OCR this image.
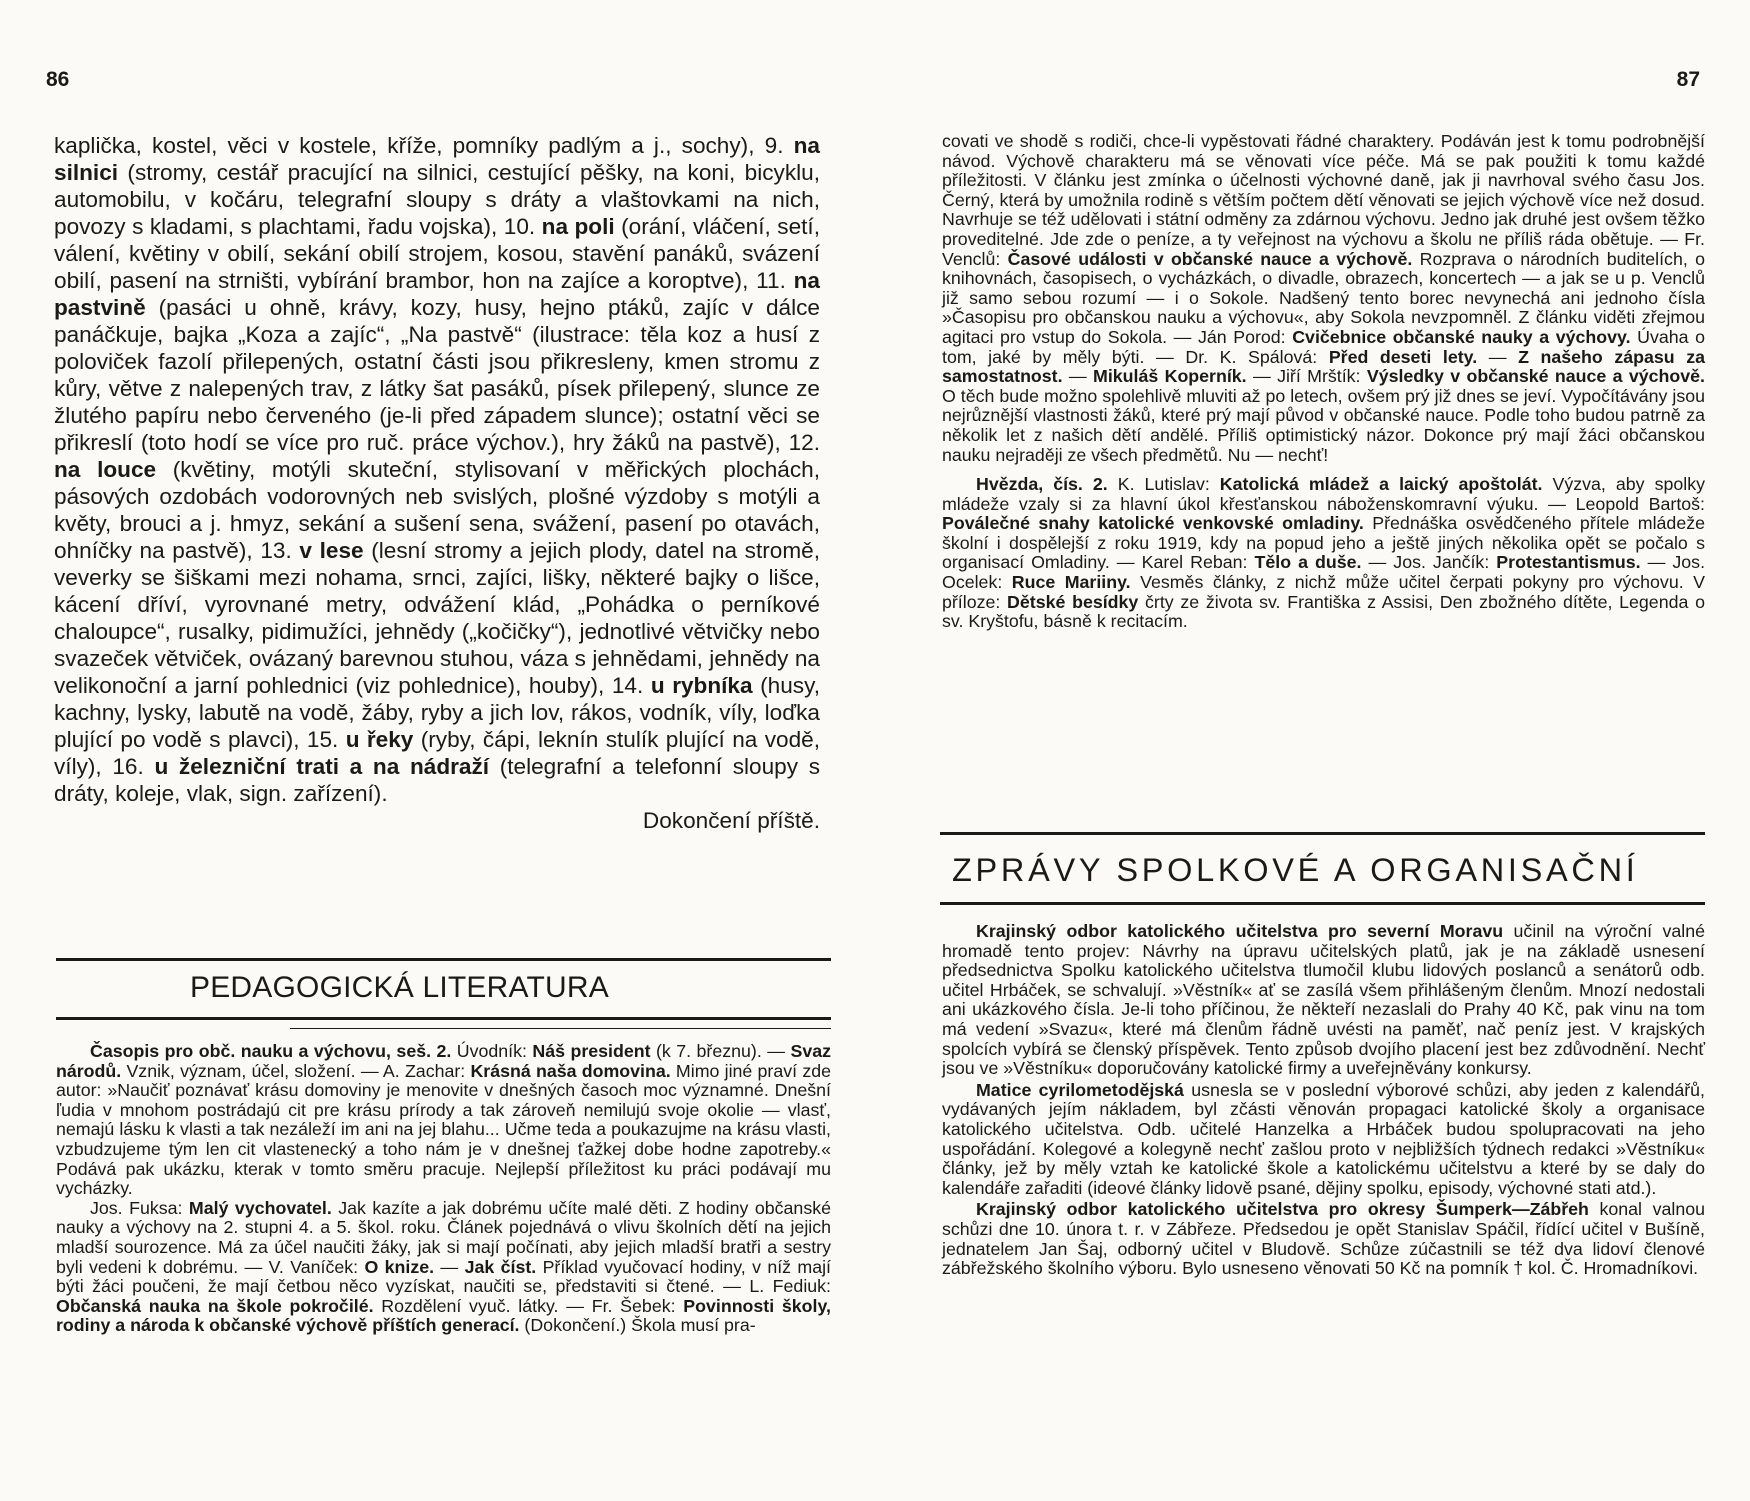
86

kaplička, kostel, věci v kostele, kříže, pomníky padlým a j., sochy), 9. na silnici (stromy, cestář pracující na silnici, cestující pěšky, na koni, bicyklu, automobilu, v kočáru, telegrafní sloupy s dráty a vlaštovkami na nich, povozy s kladami, s plachtami, řadu vojska), 10. na poli (orání, vláčení, setí, válení, květiny v obilí, sekání obilí strojem, kosou, stavění panáků, svázení obilí, pasení na strništi, vybírání brambor, hon na zajíce a koroptve), 11. na pastvině (pasáci u ohně, krávy, kozy, husy, hejno ptáků, zajíc v dálce panáčkuje, bajka „Koza a zajíc“, „Na pastvě“ (ilustrace: těla koz a husí z poloviček fazolí přilepených, ostatní části jsou přikresleny, kmen stromu z kůry, větve z nalepených trav, z látky šat pasáků, písek přilepený, slunce ze žlutého papíru nebo červeného (je-li před západem slunce); ostatní věci se přikreslí (toto hodí se více pro ruč. práce výchov.), hry žáků na pastvě), 12. na louce (květiny, motýli skuteční, stylisovaní v měřických plochách, pásových ozdobách vodorovných neb svislých, plošné výzdoby s motýli a květy, brouci a j. hmyz, sekání a sušení sena, svážení, pasení po otavách, ohníčky na pastvě), 13. v lese (lesní stromy a jejich plody, datel na stromě, veverky se šiškami mezi nohama, srnci, zajíci, lišky, některé bajky o lišce, kácení dříví, vyrovnané metry, odvážení klád, „Pohádka o perníkové chaloupce“, rusalky, pidimužíci, jehnědy („kočičky“), jednotlivé větvičky nebo svazeček větviček, ovázaný barevnou stuhou, váza s jehnědami, jehnědy na velikonoční a jarní pohlednici (viz pohlednice), houby), 14. u rybníka (husy, kachny, lysky, labutě na vodě, žáby, ryby a jich lov, rákos, vodník, víly, loďka plující po vodě s plavci), 15. u řeky (ryby, čápi, leknín stulík plující na vodě, víly), 16. u železniční trati a na nádraží (telegrafní a telefonní sloupy s dráty, koleje, vlak, sign. zařízení).

Dokončení příště.

PEDAGOGICKÁ LITERATURA

Časopis pro obč. nauku a výchovu, seš. 2. Úvodník: Náš president (k 7. březnu). — Svaz národů. Vznik, význam, účel, složení. — A. Zachar: Krásná naša domovina. Mimo jiné praví zde autor: »Naučiť poznávať krásu domoviny je menovite v dnešných časoch moc významné. Dnešní ľudia v mnohom postrádajú cit pre krásu prírody a tak zároveň nemilujú svoje okolie — vlasť, nemajú lásku k vlasti a tak nezáleží im ani na jej blahu... Učme teda a poukazujme na krásu vlasti, vzbudzujeme tým len cit vlastenecký a toho nám je v dnešnej ťažkej dobe hodne zapotreby.« Podává pak ukázku, kterak v tomto směru pracuje. Nejlepší příležitost ku práci podávají mu vycházky.

Jos. Fuksa: Malý vychovatel. Jak kazíte a jak dobrému učíte malé děti. Z hodiny občanské nauky a výchovy na 2. stupni 4. a 5. škol. roku. Článek pojednává o vlivu školních dětí na jejich mladší sourozence. Má za účel naučiti žáky, jak si mají počínati, aby jejich mladší bratři a sestry byli vedeni k dobrému. — V. Vaníček: O knize. — Jak číst. Příklad vyučovací hodiny, v níž mají býti žáci poučeni, že mají četbou něco vyzískat, naučiti se, představiti si čtené. — L. Fediuk: Občanská nauka na škole pokročilé. Rozdělení vyuč. látky. — Fr. Šebek: Povinnosti školy, rodiny a národa k občanské výchově příštích generací. (Dokončení.) Škola musí pra-

87

covati ve shodě s rodiči, chce-li vypěstovati řádné charaktery. Podáván jest k tomu podrobnější návod. Výchově charakteru má se věnovati více péče. Má se pak použiti k tomu každé příležitosti. V článku jest zmínka o účelnosti výchovné daně, jak ji navrhoval svého času Jos. Černý, která by umožnila rodině s větším počtem dětí věnovati se jejich výchově více než dosud. Navrhuje se též udělovati i státní odměny za zdárnou výchovu. Jedno jak druhé jest ovšem těžko proveditelné. Jde zde o peníze, a ty veřejnost na výchovu a školu ne příliš ráda obětuje. — Fr. Venclů: Časové události v občanské nauce a výchově. Rozprava o národních buditelích, o knihovnách, časopisech, o vycházkách, o divadle, obrazech, koncertech — a jak se u p. Venclů již samo sebou rozumí — i o Sokole. Nadšený tento borec nevynechá ani jednoho čísla »Časopisu pro občanskou nauku a výchovu«, aby Sokola nevzpomněl. Z článku viděti zřejmou agitaci pro vstup do Sokola. — Ján Porod: Cvičebnice občanské nauky a výchovy. Úvaha o tom, jaké by měly býti. — Dr. K. Spálová: Před deseti lety. — Z našeho zápasu za samostatnost. — Mikuláš Koperník. — Jiří Mrštík: Výsledky v občanské nauce a výchově. O těch bude možno spolehlivě mluviti až po letech, ovšem prý již dnes se jeví. Vypočítávány jsou nejrůznější vlastnosti žáků, které prý mají původ v občanské nauce. Podle toho budou patrně za několik let z našich dětí andělé. Příliš optimistický názor. Dokonce prý mají žáci občanskou nauku nejraději ze všech předmětů. Nu — nechť!

Hvězda, čís. 2. K. Lutislav: Katolická mládež a laický apoštolát. Výzva, aby spolky mládeže vzaly si za hlavní úkol křesťanskou náboženskomravní výuku. — Leopold Bartoš: Poválečné snahy katolické venkovské omladiny. Přednáška osvědčeného přítele mládeže školní i dospělejší z roku 1919, kdy na popud jeho a ještě jiných několika opět se počalo s organisací Omladiny. — Karel Reban: Tělo a duše. — Jos. Jančík: Protestantismus. — Jos. Ocelek: Ruce Mariiny. Vesměs články, z nichž může učitel čerpati pokyny pro výchovu. V příloze: Dětské besídky črty ze života sv. Františka z Assisi, Den zbožného dítěte, Legenda o sv. Kryštofu, básně k recitacím.

ZPRÁVY SPOLKOVÉ A ORGANISAČNÍ

Krajinský odbor katolického učitelstva pro severní Moravu učinil na výroční valné hromadě tento projev: Návrhy na úpravu učitelských platů, jak je na základě usnesení předsednictva Spolku katolického učitelstva tlumočil klubu lidových poslanců a senátorů odb. učitel Hrbáček, se schvalují. »Věstník« ať se zasílá všem přihlášeným členům. Mnozí nedostali ani ukázkového čísla. Je-li toho příčinou, že někteří nezaslali do Prahy 40 Kč, pak vinu na tom má vedení »Svazu«, které má členům řádně uvésti na paměť, nač peníz jest. V krajských spolcích vybírá se členský příspěvek. Tento způsob dvojího placení jest bez zdůvodnění. Nechť jsou ve »Věstníku« doporučovány katolické firmy a uveřejněvány konkursy.

Matice cyrilometodějská usnesla se v poslední výborové schůzi, aby jeden z kalendářů, vydávaných jejím nákladem, byl zčásti věnován propagaci katolické školy a organisace katolického učitelstva. Odb. učitelé Hanzelka a Hrbáček budou spolupracovati na jeho uspořádání. Kolegové a kolegyně nechť zašlou proto v nejbližších týdnech redakci »Věstníku« články, jež by měly vztah ke katolické škole a katolickému učitelstvu a které by se daly do kalendáře zařaditi (ideové články lidově psané, dějiny spolku, episody, výchovné stati atd.).

Krajinský odbor katolického učitelstva pro okresy Šumperk—Zábřeh konal valnou schůzi dne 10. února t. r. v Zábřeze. Předsedou je opět Stanislav Spáčil, řídící učitel v Bušíně, jednatelem Jan Šaj, odborný učitel v Bludově. Schůze zúčastnili se též dva lidoví členové zábřežského školního výboru. Bylo usneseno věnovati 50 Kč na pomník † kol. Č. Hromadníkovi.
